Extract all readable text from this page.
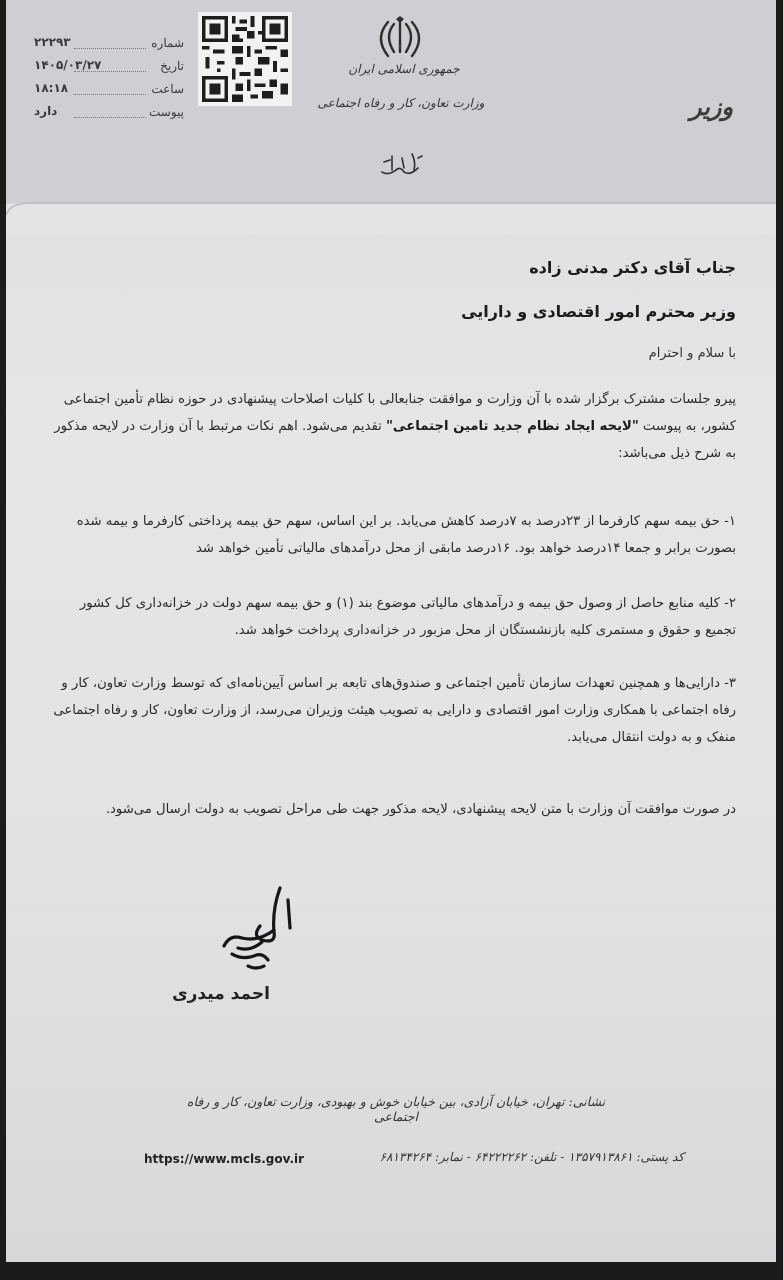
شماره
۲۲۲۹۳
تاریخ
۱۴۰۵/۰۳/۲۷
ساعت
۱۸:۱۸
پیوست
دارد
جمهوری اسلامی ایران
وزارت تعاون، کار و رفاه اجتماعی	وزیر
جناب آقای دکتر مدنی زاده
وزیر محترم امور اقتصادی و دارایی
با سلام و احترام
پیرو جلسات مشترک برگزار شده با آن وزارت و موافقت جنابعالی با کلیات اصلاحات پیشنهادی در حوزه نظام تأمین اجتماعی کشور، به پیوست "لایحه ایجاد نظام جدید تامین اجتماعی" تقدیم می‌شود. اهم نکات مرتبط با آن وزارت در لایحه مذکور به شرح ذیل می‌باشد:
۱- حق بیمه سهم کارفرما از ۲۳درصد به ۷درصد کاهش می‌یابد. بر این اساس، سهم حق بیمه پرداختی کارفرما و بیمه شده بصورت برابر و جمعا ۱۴درصد خواهد بود. ۱۶درصد مابقی از محل درآمدهای مالیاتی تأمین خواهد شد
۲- کلیه منابع حاصل از وصول حق بیمه و درآمدهای مالیاتی موضوع بند (۱) و حق بیمه سهم دولت در خزانه‌داری کل کشور تجمیع و حقوق و مستمری کلیه بازنشستگان از محل مزبور در خزانه‌داری پرداخت خواهد شد.
۳- دارایی‌ها و همچنین تعهدات سازمان تأمین اجتماعی و صندوق‌های تابعه بر اساس آیین‌نامه‌ای که توسط وزارت تعاون، کار و رفاه اجتماعی با همکاری وزارت امور اقتصادی و دارایی به تصویب هیئت وزیران می‌رسد، از وزارت تعاون، کار و رفاه اجتماعی منفک و به دولت انتقال می‌یابد.
در صورت موافقت آن وزارت با متن لایحه پیشنهادی، لایحه مذکور جهت طی مراحل تصویب به دولت ارسال می‌شود.
احمد میدری
نشانی: تهران، خیابان آزادی، بین خیابان خوش و بهبودی، وزارت تعاون، کار و رفاه اجتماعی
https://www.mcls.gov.ir	کد پستی: ۱۳۵۷۹۱۳۸۶۱ - تلفن: ۶۴۲۲۲۲۶۲ - نمابر: ۶۸۱۳۴۲۶۴
